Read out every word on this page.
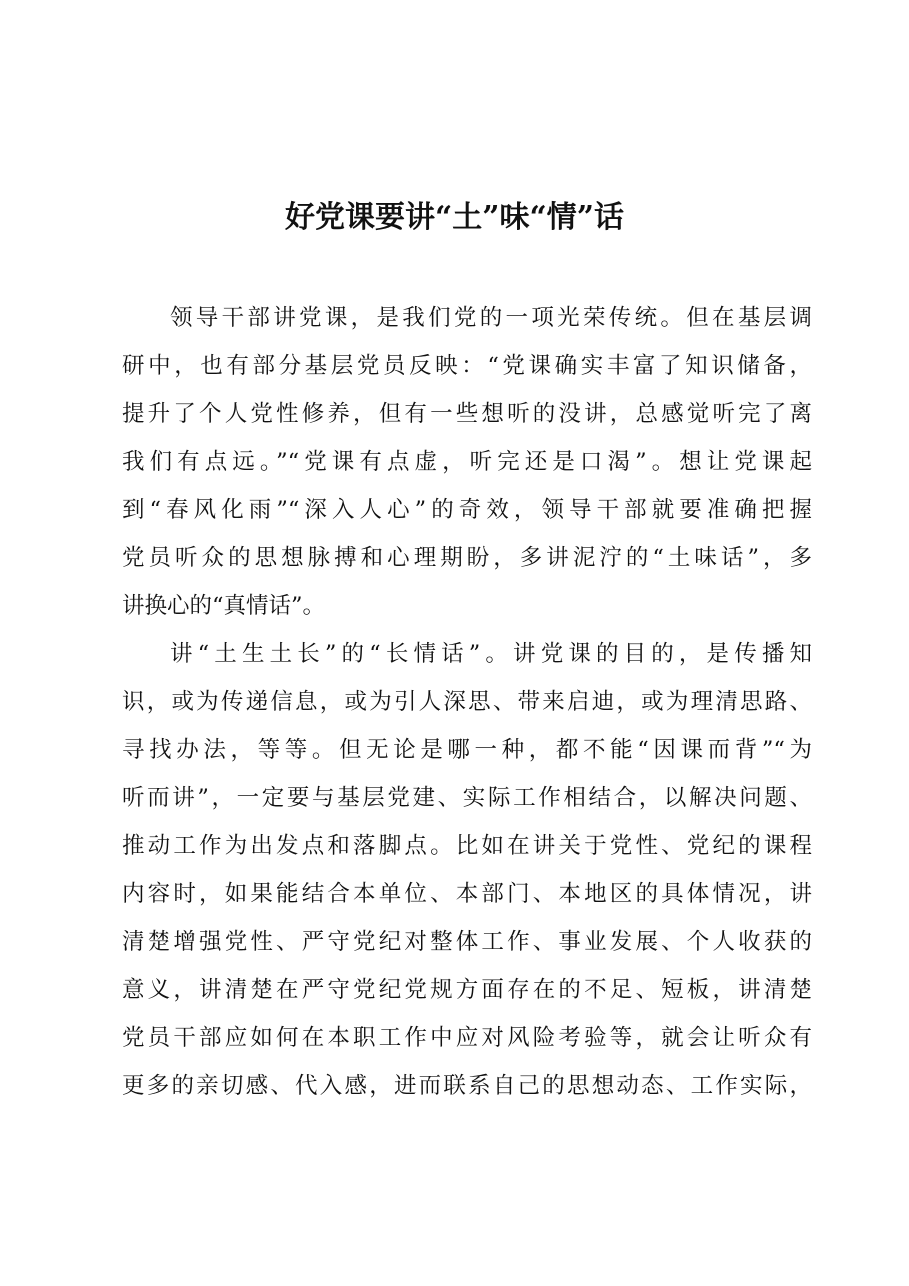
好党课要讲“土”味“情”话
领导干部讲党课，是我们党的一项光荣传统。但在基层调
研中，也有部分基层党员反映：“党课确实丰富了知识储备，
提升了个人党性修养，但有一些想听的没讲，总感觉听完了离
我们有点远。”“党课有点虚，听完还是口渴”。想让党课起
到“春风化雨”“深入人心”的奇效，领导干部就要准确把握
党员听众的思想脉搏和心理期盼，多讲泥泞的“土味话”，多
讲换心的“真情话”。
讲“土生土长”的“长情话”。讲党课的目的，是传播知
识，或为传递信息，或为引人深思、带来启迪，或为理清思路、
寻找办法，等等。但无论是哪一种，都不能“因课而背”“为
听而讲”，一定要与基层党建、实际工作相结合，以解决问题、
推动工作为出发点和落脚点。比如在讲关于党性、党纪的课程
内容时，如果能结合本单位、本部门、本地区的具体情况，讲
清楚增强党性、严守党纪对整体工作、事业发展、个人收获的
意义，讲清楚在严守党纪党规方面存在的不足、短板，讲清楚
党员干部应如何在本职工作中应对风险考验等，就会让听众有
更多的亲切感、代入感，进而联系自己的思想动态、工作实际，
